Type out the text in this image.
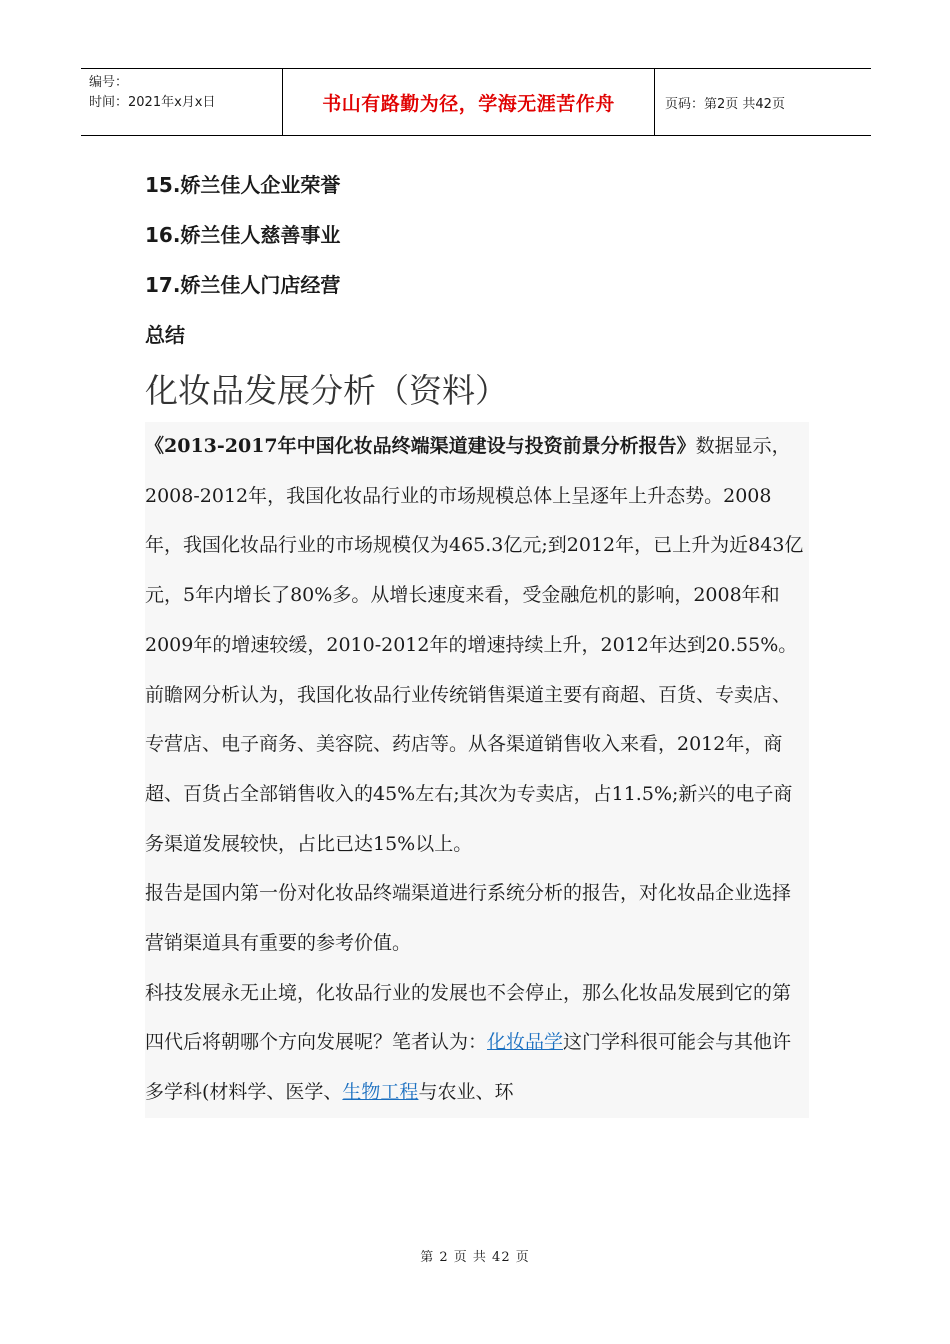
编号：
时间：2021年x月x日	书山有路勤为径，学海无涯苦作舟	页码：第2页 共42页
15.娇兰佳人企业荣誉
16.娇兰佳人慈善事业
17.娇兰佳人门店经营
总结
化妆品发展分析（资料）

《2013-2017年中国化妆品终端渠道建设与投资前景分析报告》数据显示，2008-2012年，我国化妆品行业的市场规模总体上呈逐年上升态势。2008年，我国化妆品行业的市场规模仅为465.3亿元;到2012年，已上升为近843亿元，5年内增长了80%多。从增长速度来看，受金融危机的影响，2008年和2009年的增速较缓，2010-2012年的增速持续上升，2012年达到20.55%。

前瞻网分析认为，我国化妆品行业传统销售渠道主要有商超、百货、专卖店、专营店、电子商务、美容院、药店等。从各渠道销售收入来看，2012年，商超、百货占全部销售收入的45%左右;其次为专卖店，占11.5%;新兴的电子商务渠道发展较快，占比已达15%以上。

报告是国内第一份对化妆品终端渠道进行系统分析的报告，对化妆品企业选择营销渠道具有重要的参考价值。

科技发展永无止境，化妆品行业的发展也不会停止，那么化妆品发展到它的第四代后将朝哪个方向发展呢？笔者认为：化妆品学这门学科很可能会与其他许多学科(材料学、医学、生物工程与农业、环

第 2 页 共 42 页
